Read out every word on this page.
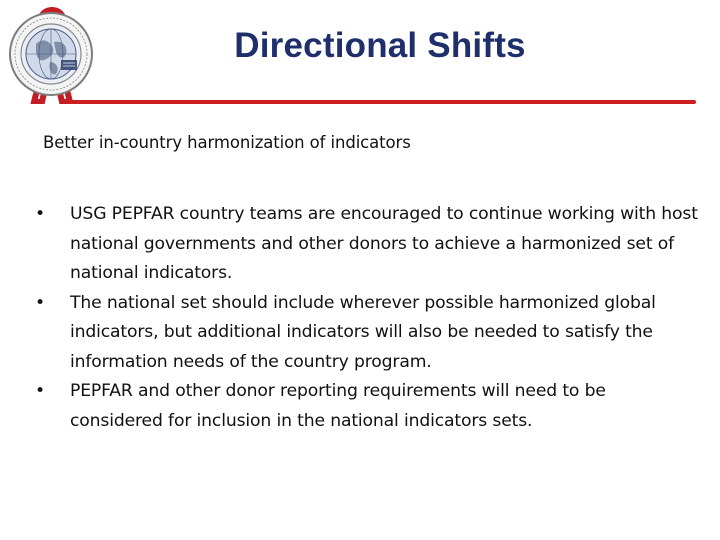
Directional Shifts
Better in-country harmonization of indicators
• USG PEPFAR country teams are encouraged to continue working with host national governments and other donors to achieve a harmonized set of national indicators.
• The national set should include wherever possible harmonized global indicators, but additional indicators will also be needed to satisfy the information needs of the country program.
• PEPFAR and other donor reporting requirements will need to be considered for inclusion in the national indicators sets.
